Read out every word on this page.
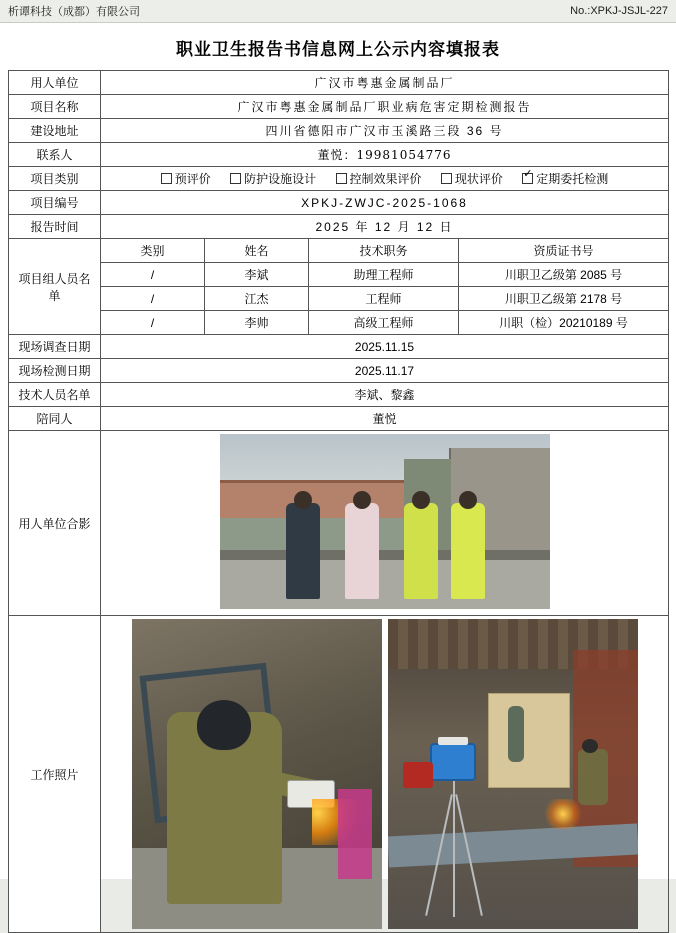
析谭科技（成都）有限公司	No.:XPKJ-JSJL-227
职业卫生报告书信息网上公示内容填报表
用人单位	广汉市粤惠金属制品厂			
项目名称	广汉市粤惠金属制品厂职业病危害定期检测报告			
建设地址	四川省德阳市广汉市玉溪路三段 36 号			
联系人	董悦：19981054776			
项目类别	预评价 防护设施设计 控制效果评价 现状评价 ✓ 定期委托检测
项目编号	XPKJ-ZWJC-2025-1068			
报告时间	2025 年 12 月 12 日			
项目组人员名单	类别	姓名	技术职务	资质证书号
	/	李斌	助理工程师	川职卫乙级第 2085 号
	/	江杰	工程师	川职卫乙级第 2178 号
	/	李帅	高级工程师	川职（检）20210189 号
现场调查日期	2025.11.15			
现场检测日期	2025.11.17			
技术人员名单	李斌、黎鑫			
陪同人	董悦			
用人单位合影				

工作照片				
